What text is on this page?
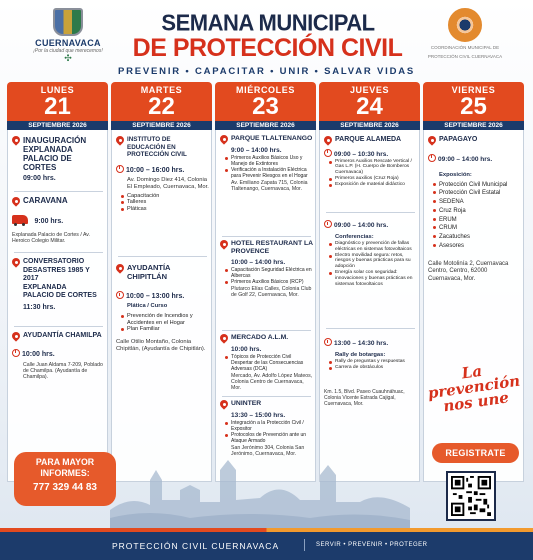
CUERNAVACA
¡Por la ciudad que merecemos!
✣
SEMANA MUNICIPAL
DE PROTECCIÓN CIVIL	COORDINACIÓN MUNICIPAL DE
PROTECCIÓN CIVIL CUERNAVACA
PREVENIR • CAPACITAR • UNIR • SALVAR VIDAS
LUNES
21
SEPTIEMBRE 2026
INAUGURACIÓN
EXPLANADA
PALACIO DE CORTES
09:00 hrs.
CARAVANA
9:00 hrs.
Explanada Palacio de Cortes / Av. Heroico Colegio Militar.
CONVERSATORIO DESASTRES 1985 Y 2017
EXPLANADA
PALACIO DE CORTES
11:30 hrs.
AYUDANTÍA CHAMILPA
10:00 hrs.
Calle Juan Aldama 7-209, Poblado de Chamilpa. (Ayudantía de Chamilpa).
MARTES
22
SEPTIEMBRE 2026
INSTITUTO DE EDUCACIÓN EN PROTECCIÓN CIVIL
10:00 – 16:00 hrs.
Av. Domingo Diez 414, Colonia El Empleado, Cuernavaca, Mor.
Capacitación
Talleres
Pláticas
AYUDANTÍA CHIPITLÁN
10:00 – 13:00 hrs.
Plática / Curso
Prevención de Incendios y Accidentes en el Hogar
Plan Familiar
Calle Otilio Montaño, Colonia Chipitlán, (Ayudantía de Chipitlán).
MIÉRCOLES
23
SEPTIEMBRE 2026
PARQUE TLALTENANGO
9:00 – 14:00 hrs.
Primeros Auxilios Básicos Uso y Manejo de Extintores
Verificación a Instalación Eléctrica para Prevenir Riesgos en el Hogar
Av. Emiliano Zapata 715, Colonia Tlaltenango, Cuernavaca, Mor.
HOTEL RESTAURANT LA PROVENCE
10:00 – 14:00 hrs.
Capacitación Seguridad Eléctrica en Albercas
Primeros Auxilios Básicos (RCP)
Plutarco Elías Calles, Colonia Club de Golf 22, Cuernavaca, Mor.
MERCADO A.L.M.
10:00 hrs.
Tópicos de Protección Civil Despertar de las Consecuencias Adversas (DCA)
Mercado, Av. Adolfo López Mateos, Colonia Centro de Cuernavaca, Mor.
UNINTER
13:30 – 15:00 hrs.
Integración a la Protección Civil / Expositor
Protocolos de Prevención ante un Ataque Armado
San Jerónimo 304, Colonia San Jerónimo, Cuernavaca, Mor.
JUEVES
24
SEPTIEMBRE 2026
PARQUE ALAMEDA
09:00 – 10:30 hrs.
Primeros Auxilios Rescate Vertical / Gas L.P. (H. Cuerpo de Bomberos Cuernavaca)
Primeros auxilios (Cruz Roja)
Exposición de material didáctico
09:00 – 14:00 hrs.
Conferencias:
Diagnóstico y prevención de fallas eléctricas en sistemas fotovoltaicos
Electro movilidad segura: retos, riesgos y buenas prácticas para su adopción
Energía solar con seguridad: innovaciones y buenas prácticas en sistemas fotovoltaicos
13:00 – 14:30 hrs.
Rally de botargas:
Rally de preguntas y respuestas
Carrera de obstáculos
Km. 1.5, Blvd. Paseo Cuauhnáhuac, Colonia Vicente Estrada Cajigal, Cuernavaca, Mor.
VIERNES
25
SEPTIEMBRE 2026
PAPAGAYO
09:00 – 14:00 hrs.
Exposición:
Protección Civil Municipal
Protección Civil Estatal
SEDENA
Cruz Roja
ERUM
CRUM
Zacatuches
Asesores
Calle Motolinía 2, Cuernavaca Centro, Centro, 62000 Cuernavaca, Mor.
La prevención nos une
PARA MAYOR
INFORMES:
777 329 44 83
REGISTRATE
PROTECCIÓN CIVIL CUERNAVACA	SERVIR • PREVENIR • PROTEGER
